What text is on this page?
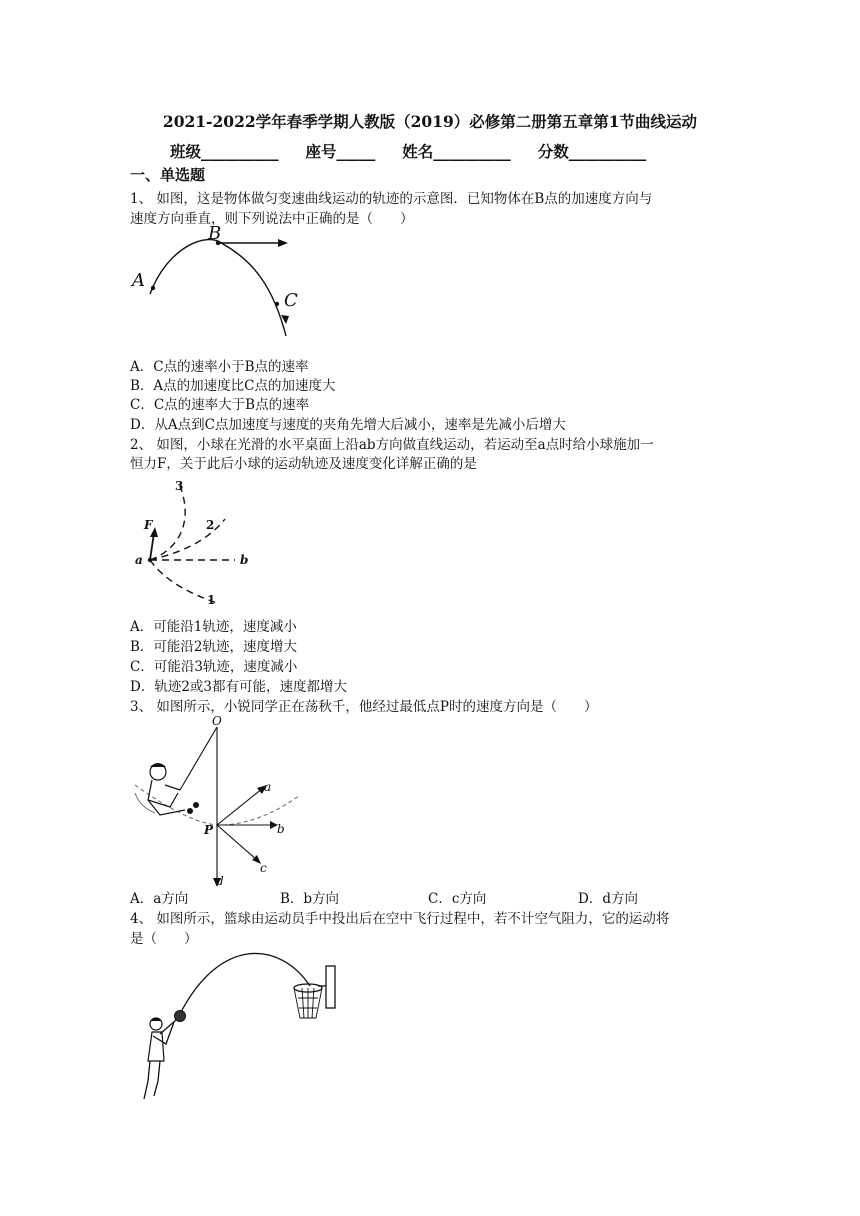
2021-2022学年春季学期人教版（2019）必修第二册第五章第1节曲线运动
班级__________     座号_____     姓名__________     分数__________
一、单选题
1、 如图，这是物体做匀变速曲线运动的轨迹的示意图．已知物体在B点的加速度方向与
速度方向垂直，则下列说法中正确的是（　　）
A
B
C
A．C点的速率小于B点的速率
B．A点的加速度比C点的加速度大
C．C点的速率大于B点的速率
D．从A点到C点加速度与速度的夹角先增大后减小，速率是先减小后增大
2、 如图，小球在光滑的水平桌面上沿ab方向做直线运动，若运动至a点时给小球施加一
恒力F，关于此后小球的运动轨迹及速度变化详解正确的是
F
a	b
1
2
3
A．可能沿1轨迹，速度减小
B．可能沿2轨迹，速度增大
C．可能沿3轨迹，速度减小
D．轨迹2或3都有可能，速度都增大
3、 如图所示，小锐同学正在荡秋千，他经过最低点P时的速度方向是（　　）
O
P
a
b
c
d
A．a方向	B．b方向	C．c方向	D．d方向
4、 如图所示，篮球由运动员手中投出后在空中飞行过程中，若不计空气阻力，它的运动将
是（　　）
